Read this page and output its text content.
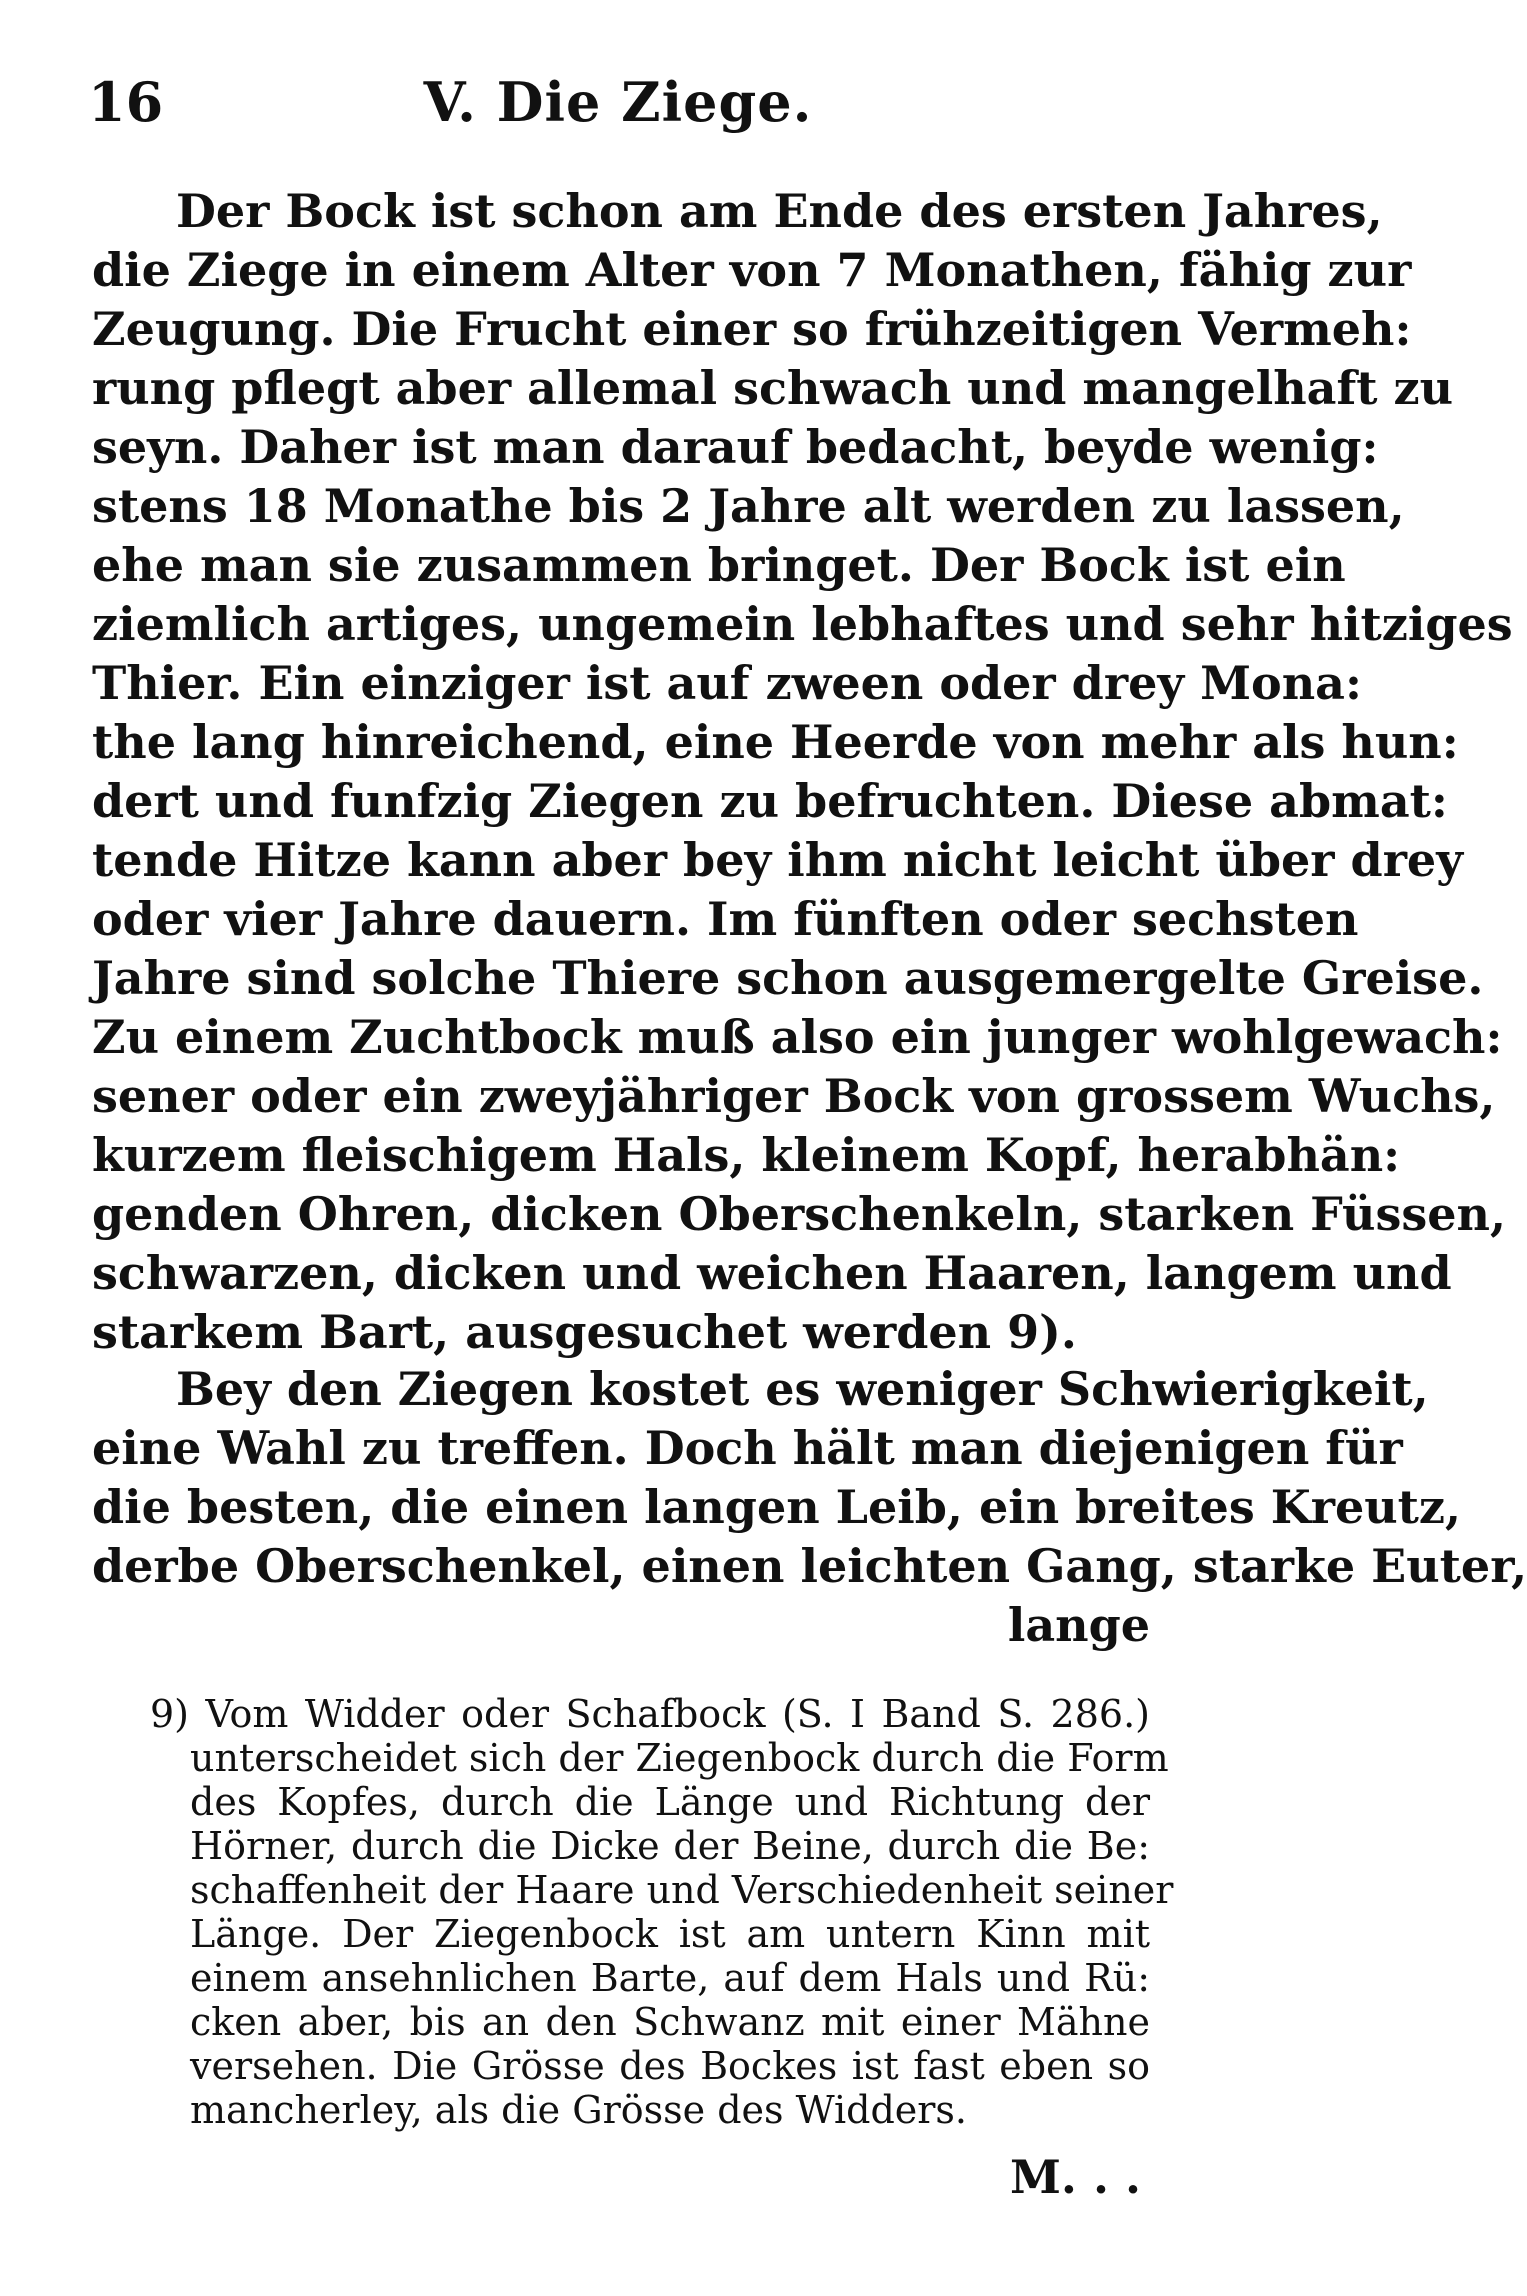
16	V. Die Ziege.
Der Bock ist schon am Ende des ersten Jahres,
die Ziege in einem Alter von 7 Monathen, fähig zur
Zeugung. Die Frucht einer so frühzeitigen Vermeh:
rung pflegt aber allemal schwach und mangelhaft zu
seyn. Daher ist man darauf bedacht, beyde wenig:
stens 18 Monathe bis 2 Jahre alt werden zu lassen,
ehe man sie zusammen bringet. Der Bock ist ein
ziemlich artiges, ungemein lebhaftes und sehr hitziges
Thier. Ein einziger ist auf zween oder drey Mona:
the lang hinreichend, eine Heerde von mehr als hun:
dert und funfzig Ziegen zu befruchten. Diese abmat:
tende Hitze kann aber bey ihm nicht leicht über drey
oder vier Jahre dauern. Im fünften oder sechsten
Jahre sind solche Thiere schon ausgemergelte Greise.
Zu einem Zuchtbock muß also ein junger wohlgewach:
sener oder ein zweyjähriger Bock von grossem Wuchs,
kurzem fleischigem Hals, kleinem Kopf, herabhän:
genden Ohren, dicken Oberschenkeln, starken Füssen,
schwarzen, dicken und weichen Haaren, langem und
starkem Bart, ausgesuchet werden 9).
Bey den Ziegen kostet es weniger Schwierigkeit,
eine Wahl zu treffen. Doch hält man diejenigen für
die besten, die einen langen Leib, ein breites Kreutz,
derbe Oberschenkel, einen leichten Gang, starke Euter,
lange
9) Vom Widder oder Schafbock (S. I Band S. 286.)
unterscheidet sich der Ziegenbock durch die Form
des Kopfes, durch die Länge und Richtung der
Hörner, durch die Dicke der Beine, durch die Be:
schaffenheit der Haare und Verschiedenheit seiner
Länge. Der Ziegenbock ist am untern Kinn mit
einem ansehnlichen Barte, auf dem Hals und Rü:
cken aber, bis an den Schwanz mit einer Mähne
versehen. Die Grösse des Bockes ist fast eben so
mancherley, als die Grösse des Widders.
M. . .
